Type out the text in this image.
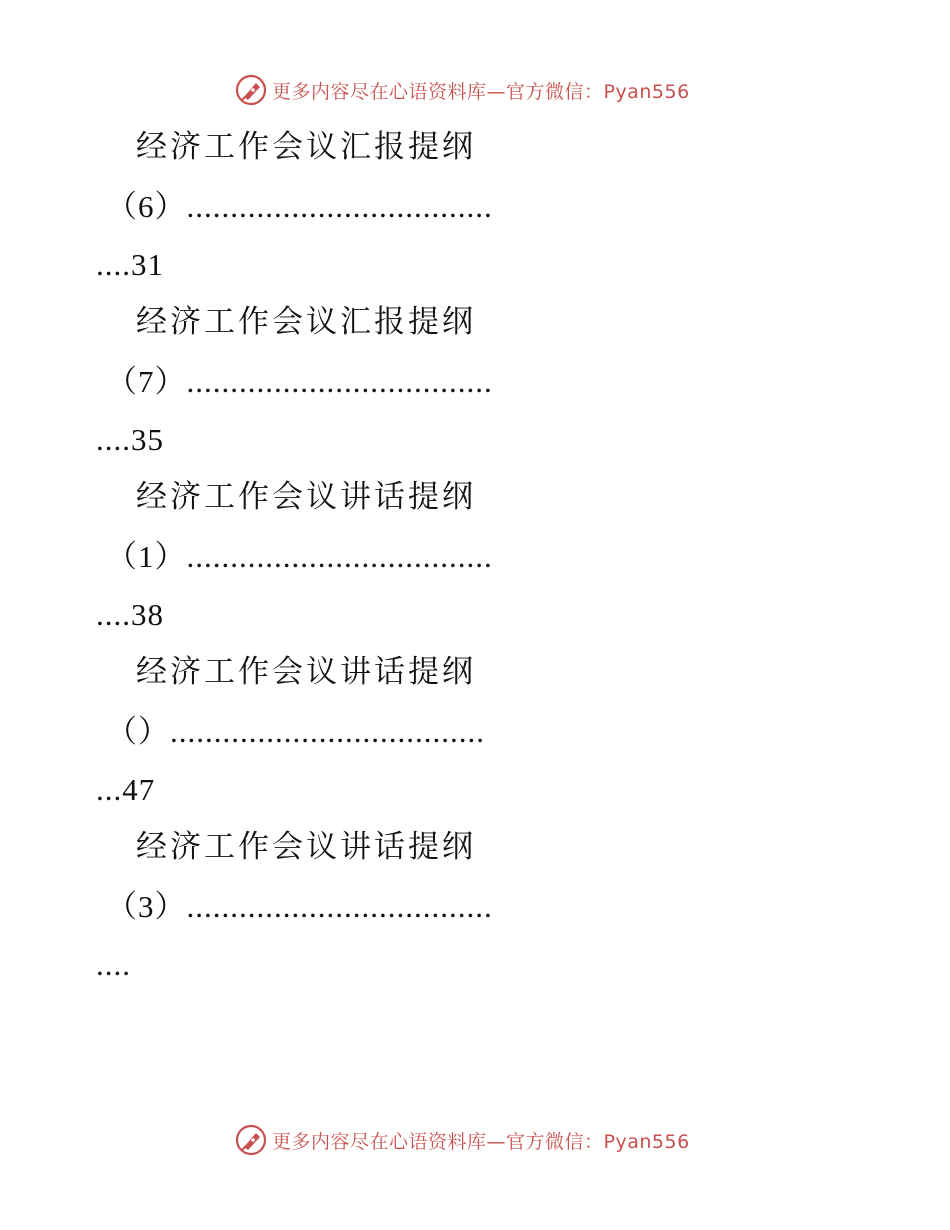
更多内容尽在心语资料库—官方微信：Pyan556
经济工作会议汇报提纲
（6）...................................
....31
经济工作会议汇报提纲
（7）...................................
....35
经济工作会议讲话提纲
（1）...................................
....38
经济工作会议讲话提纲
（）....................................
...47
经济工作会议讲话提纲
（3）...................................
....
更多内容尽在心语资料库—官方微信：Pyan556
